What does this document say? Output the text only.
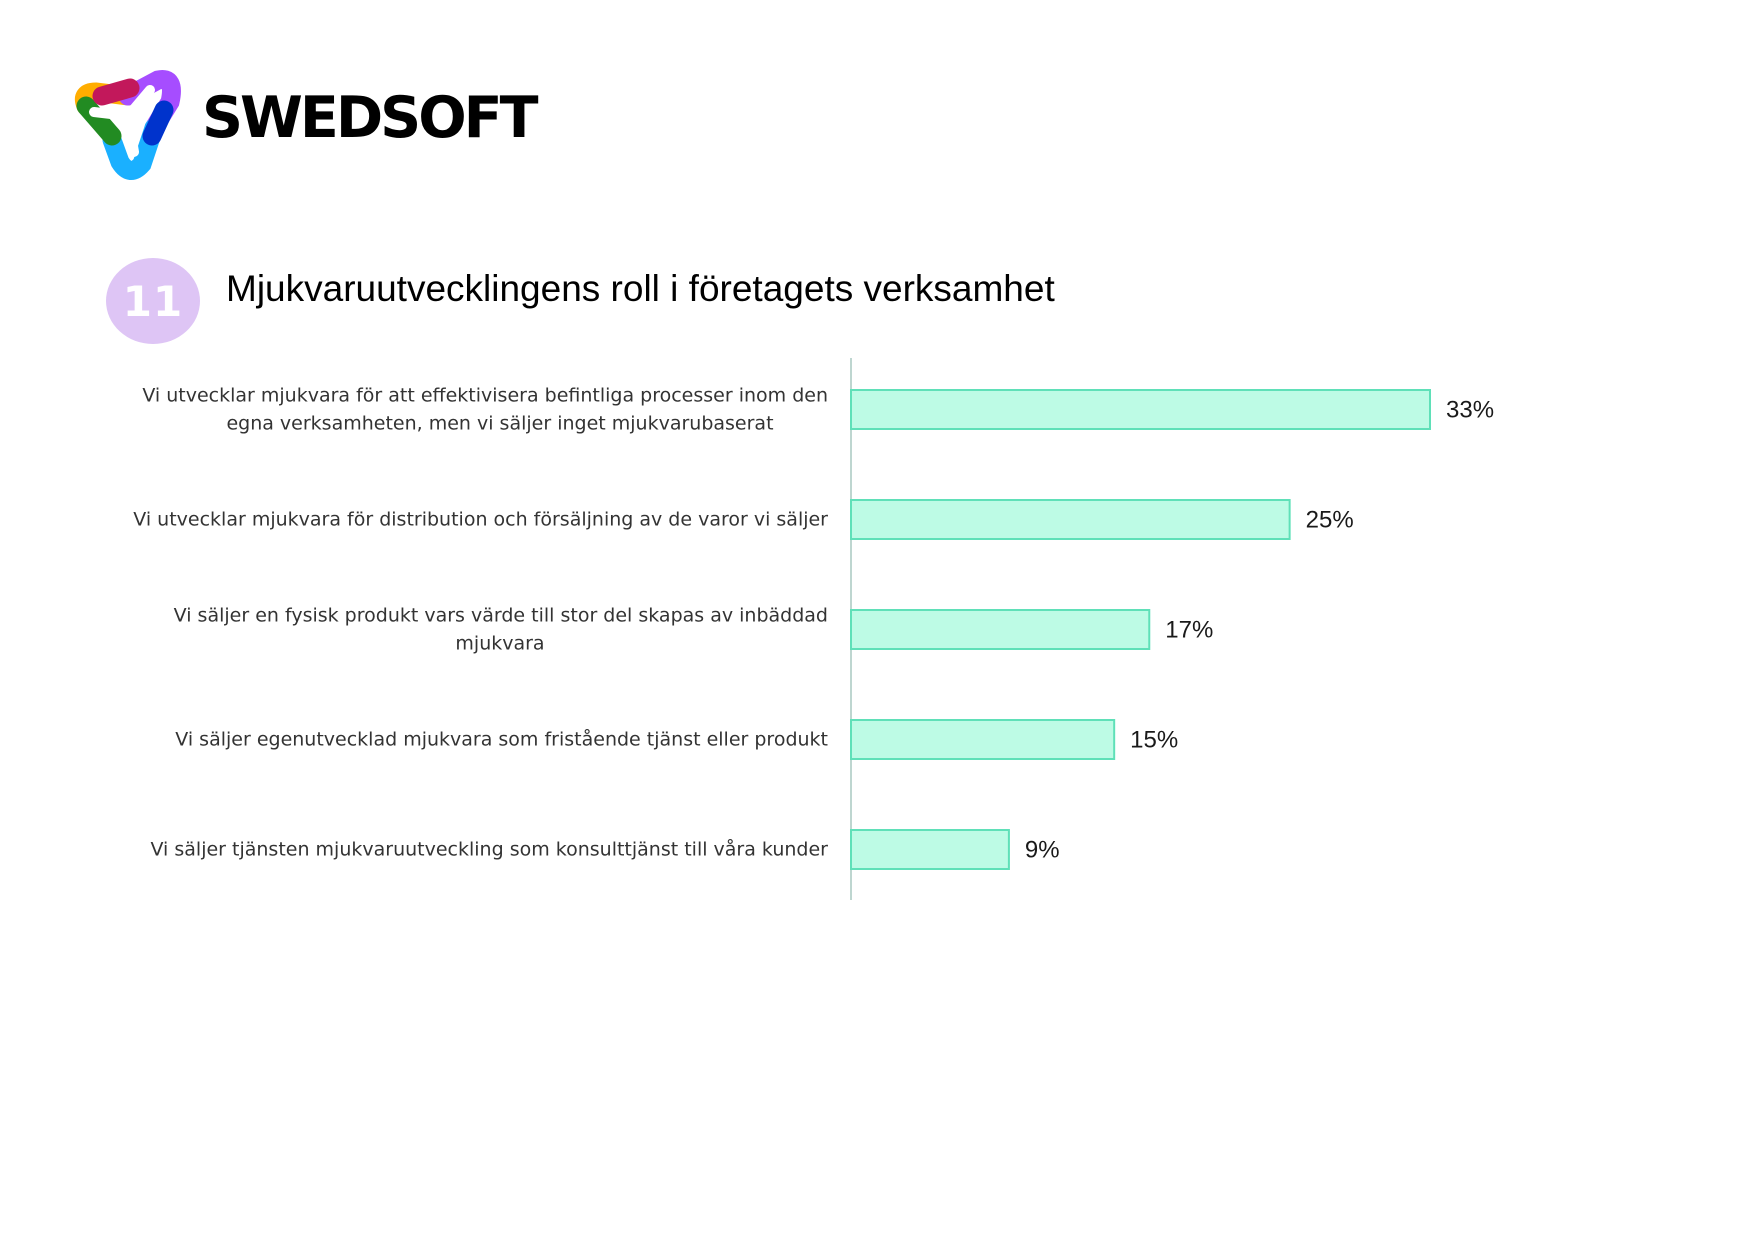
SWEDSOFT
11 Mjukvaruutvecklingens roll i företagets verksamhet
33%
Vi utvecklar mjukvara för att effektivisera befintliga processer inom den
egna verksamheten, men vi säljer inget mjukvarubaserat
25%
Vi utvecklar mjukvara för distribution och försäljning av de varor vi säljer
17%
Vi säljer en fysisk produkt vars värde till stor del skapas av inbäddad
mjukvara
15%
Vi säljer egenutvecklad mjukvara som fristående tjänst eller produkt
9%
Vi säljer tjänsten mjukvaruutveckling som konsulttjänst till våra kunder
